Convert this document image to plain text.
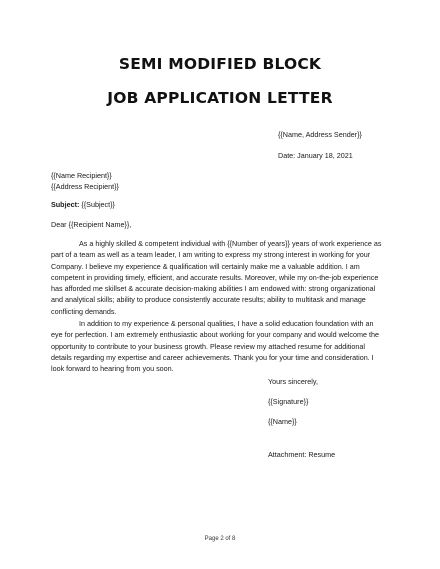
SEMI MODIFIED BLOCK
JOB APPLICATION LETTER
{{Name, Address Sender}}
Date: January 18, 2021
{{Name Recipient}}
{{Address Recipient}}
Subject: {{Subject}}
Dear {{Recipient Name}},
As a highly skilled & competent individual with {{Number of years}} years of work experience as
part of a team as well as a team leader, I am writing to express my strong interest in working for your
Company. I believe my experience & qualification will certainly make me a valuable addition. I am
competent in providing timely, efficient, and accurate results. Moreover, while my on-the-job experience
has afforded me skillset & accurate decision-making abilities I am endowed with: strong organizational
and analytical skills; ability to produce consistently accurate results; ability to multitask and manage
conflicting demands.
In addition to my experience & personal qualities, I have a solid education foundation with an
eye for perfection. I am extremely enthusiastic about working for your company and would welcome the
opportunity to contribute to your business growth. Please review my attached resume for additional
details regarding my expertise and career achievements. Thank you for your time and consideration. I
look forward to hearing from you soon.
Yours sincerely,
{{Signature}}
{{Name}}
Attachment: Resume
Page 2 of 8
